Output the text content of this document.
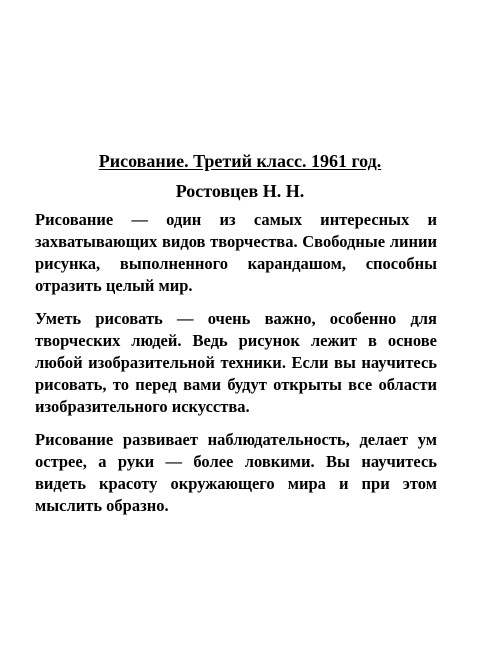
Рисование. Третий класс. 1961 год.
Ростовцев Н. Н.

Рисование — один из самых интересных и захватывающих видов творчества. Свободные линии рисунка, выполненного карандашом, способны отразить целый мир.

Уметь рисовать — очень важно, особенно для творческих людей. Ведь рисунок лежит в основе любой изобразительной техники. Если вы научитесь рисовать, то перед вами будут открыты все области изобразительного искусства.

Рисование развивает наблюдательность, делает ум острее, а руки — более ловкими. Вы научитесь видеть красоту окружающего мира и при этом мыслить образно.
